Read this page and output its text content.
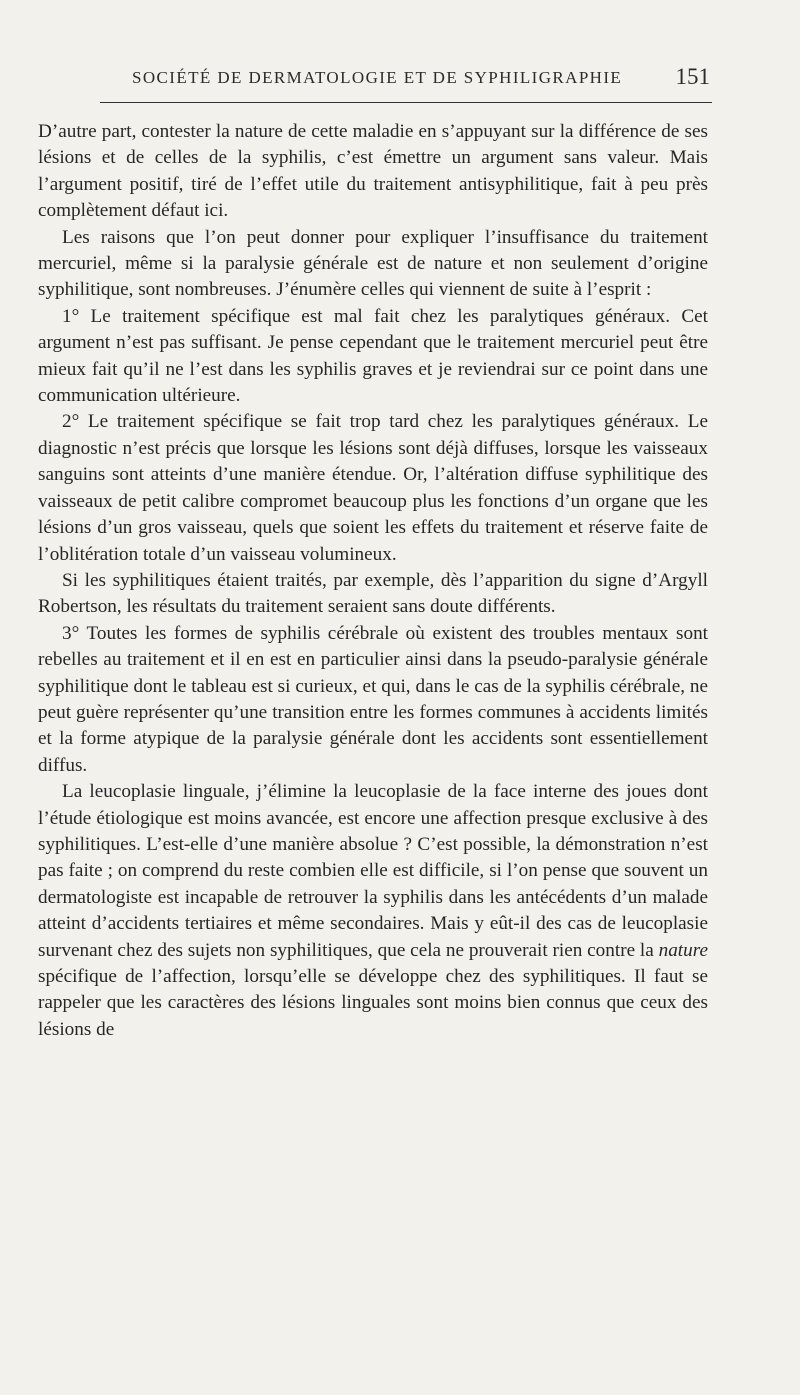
SOCIÉTÉ DE DERMATOLOGIE ET DE SYPHILIGRAPHIE 151

D’autre part, contester la nature de cette maladie en s’appuyant sur la différence de ses lésions et de celles de la syphilis, c’est émettre un argument sans valeur. Mais l’argument positif, tiré de l’effet utile du traitement antisyphilitique, fait à peu près complètement défaut ici.

Les raisons que l’on peut donner pour expliquer l’insuffisance du traitement mercuriel, même si la paralysie générale est de nature et non seulement d’origine syphilitique, sont nombreuses. J’énumère celles qui viennent de suite à l’esprit :

1° Le traitement spécifique est mal fait chez les paralytiques généraux. Cet argument n’est pas suffisant. Je pense cependant que le traitement mercuriel peut être mieux fait qu’il ne l’est dans les syphilis graves et je reviendrai sur ce point dans une communication ultérieure.

2° Le traitement spécifique se fait trop tard chez les paralytiques généraux. Le diagnostic n’est précis que lorsque les lésions sont déjà diffuses, lorsque les vaisseaux sanguins sont atteints d’une manière étendue. Or, l’altération diffuse syphilitique des vaisseaux de petit calibre compromet beaucoup plus les fonctions d’un organe que les lésions d’un gros vaisseau, quels que soient les effets du traitement et réserve faite de l’oblitération totale d’un vaisseau volumineux.

Si les syphilitiques étaient traités, par exemple, dès l’apparition du signe d’Argyll Robertson, les résultats du traitement seraient sans doute différents.

3° Toutes les formes de syphilis cérébrale où existent des troubles mentaux sont rebelles au traitement et il en est en particulier ainsi dans la pseudo-paralysie générale syphilitique dont le tableau est si curieux, et qui, dans le cas de la syphilis cérébrale, ne peut guère représenter qu’une transition entre les formes communes à accidents limités et la forme atypique de la paralysie générale dont les accidents sont essentiellement diffus.

La leucoplasie linguale, j’élimine la leucoplasie de la face interne des joues dont l’étude étiologique est moins avancée, est encore une affection presque exclusive à des syphilitiques. L’est-elle d’une manière absolue ? C’est possible, la démonstration n’est pas faite ; on comprend du reste combien elle est difficile, si l’on pense que souvent un dermatologiste est incapable de retrouver la syphilis dans les antécédents d’un malade atteint d’accidents tertiaires et même secondaires. Mais y eût-il des cas de leucoplasie survenant chez des sujets non syphilitiques, que cela ne prouverait rien contre la nature spécifique de l’affection, lorsqu’elle se développe chez des syphilitiques. Il faut se rappeler que les caractères des lésions linguales sont moins bien connus que ceux des lésions de
